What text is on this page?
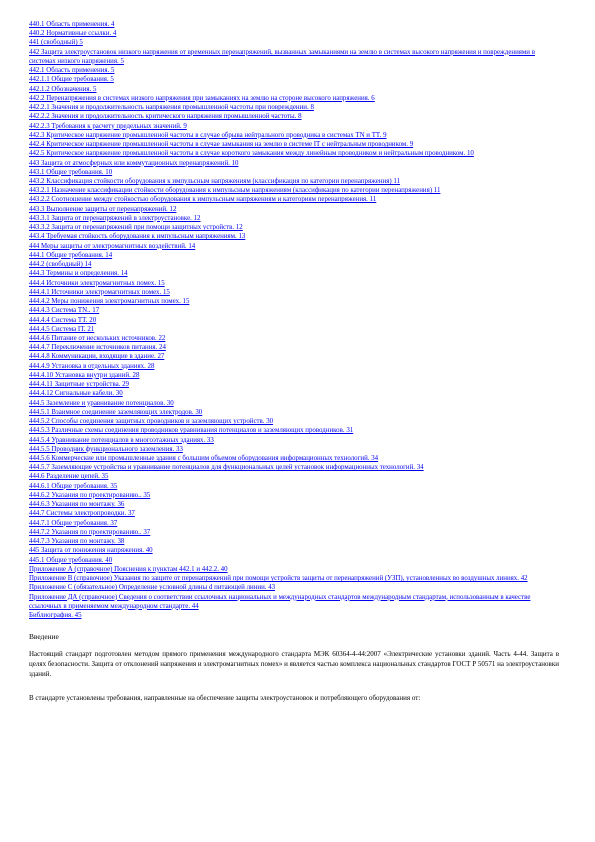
440.1 Область применения. 4
440.2 Нормативные ссылки. 4
441 (свободный) 5
442 Защита электроустановок низкого напряжения от временных перенапряжений, вызванных замыканиями на землю в системах высокого напряжения и повреждениями в системах низкого напряжения. 5
442.1 Область применения. 5
442.1.1 Общие требования. 5
442.1.2 Обозначения. 5
442.2 Перенапряжения в системах низкого напряжения при замыканиях на землю на стороне высокого напряжения. 6
442.2.1 Значения и продолжительность напряжения промышленной частоты при повреждении. 8
442.2.2 Значения и продолжительность критического напряжения промышленной частоты. 8
442.2.3 Требования к расчету предельных значений. 9
442.3 Критическое напряжение промышленной частоты в случае обрыва нейтрального проводника в системах TN и TT. 9
442.4 Критическое напряжение промышленной частоты в случае замыкания на землю в системе IT с нейтральным проводником. 9
442.5 Критическое напряжение промышленной частоты в случае короткого замыкания между линейным проводником и нейтральным проводником. 10
443 Защита от атмосферных или коммутационных перенапряжений. 10
443.1 Общие требования. 10
443.2 Классификация стойкости оборудования к импульсным напряжениям (классификация по категории перенапряжения) 11
443.2.1 Назначение классификации стойкости оборудования к импульсным напряжениям (классификация по категории перенапряжения) 11
443.2.2 Соотношение между стойкостью оборудования к импульсным напряжениям и категориям перенапряжения. 11
443.3 Выполнение защиты от перенапряжений. 12
443.3.1 Защита от перенапряжений в электроустановке. 12
443.3.2 Защита от перенапряжений при помощи защитных устройств. 12
443.4 Требуемая стойкость оборудования к импульсным напряжениям. 13
444 Меры защиты от электромагнитных воздействий. 14
444.1 Общие требования. 14
444.2 (свободный) 14
444.3 Термины и определения. 14
444.4 Источники электромагнитных помех. 15
444.4.1 Источники электромагнитных помех. 15
444.4.2 Меры понижения электромагнитных помех. 15
444.4.3 Система TN.. 17
444.4.4 Система TT. 20
444.4.5 Система IT. 21
444.4.6 Питание от нескольких источников. 22
444.4.7 Переключение источников питания. 24
444.4.8 Коммуникации, входящие в здание. 27
444.4.9 Установка в отдельных зданиях. 28
444.4.10 Установка внутри зданий. 28
444.4.11 Защитные устройства. 29
444.4.12 Сигнальные кабели. 30
444.5 Заземление и уравнивание потенциалов. 30
444.5.1 Взаимное соединение заземляющих электродов. 30
444.5.2 Способы соединения защитных проводников и заземляющих устройств. 30
444.5.3 Различные схемы соединения проводников уравнивания потенциалов и заземляющих проводников. 31
444.5.4 Уравнивание потенциалов в многоэтажных зданиях. 33
444.5.5 Проводник функционального заземления. 33
444.5.6 Коммерческие или промышленные здания с большим объемом оборудования информационных технологий. 34
444.5.7 Заземляющие устройства и уравнивание потенциалов для функциональных целей установок информационных технологий. 34
444.6 Разделение цепей. 35
444.6.1 Общие требования. 35
444.6.2 Указания по проектированию.. 35
444.6.3 Указания по монтажу. 36
444.7 Системы электропроводки. 37
444.7.1 Общие требования. 37
444.7.2 Указания по проектированию.. 37
444.7.3 Указания по монтажу. 38
445 Защита от понижения напряжения. 40
445.1 Общие требования. 40
Приложение А (справочное) Пояснения к пунктам 442.1 и 442.2. 40
Приложение В (справочное) Указания по защите от перенапряжений при помощи устройств защиты от перенапряжений (УЗП), установленных во воздушных линиях. 42
Приложение С (обязательное) Определение условной длины d питающей линии. 43
Приложение ДА (справочное) Сведения о соответствии ссылочных национальных и международных стандартов международным стандартам, использованным в качестве ссылочных в применяемом международном стандарте. 44
Библиография. 45
Введение

Настоящий стандарт подготовлен методом прямого применения международного стандарта МЭК 60364-4-44:2007 «Электрические установки зданий. Часть 4-44. Защита в целях безопасности. Защита от отклонений напряжения и электромагнитных помех» и является частью комплекса национальных стандартов ГОСТ Р 50571 на электроустановки зданий.

В стандарте установлены требования, направленные на обеспечение защиты электроустановок и потребляющего оборудования от:
